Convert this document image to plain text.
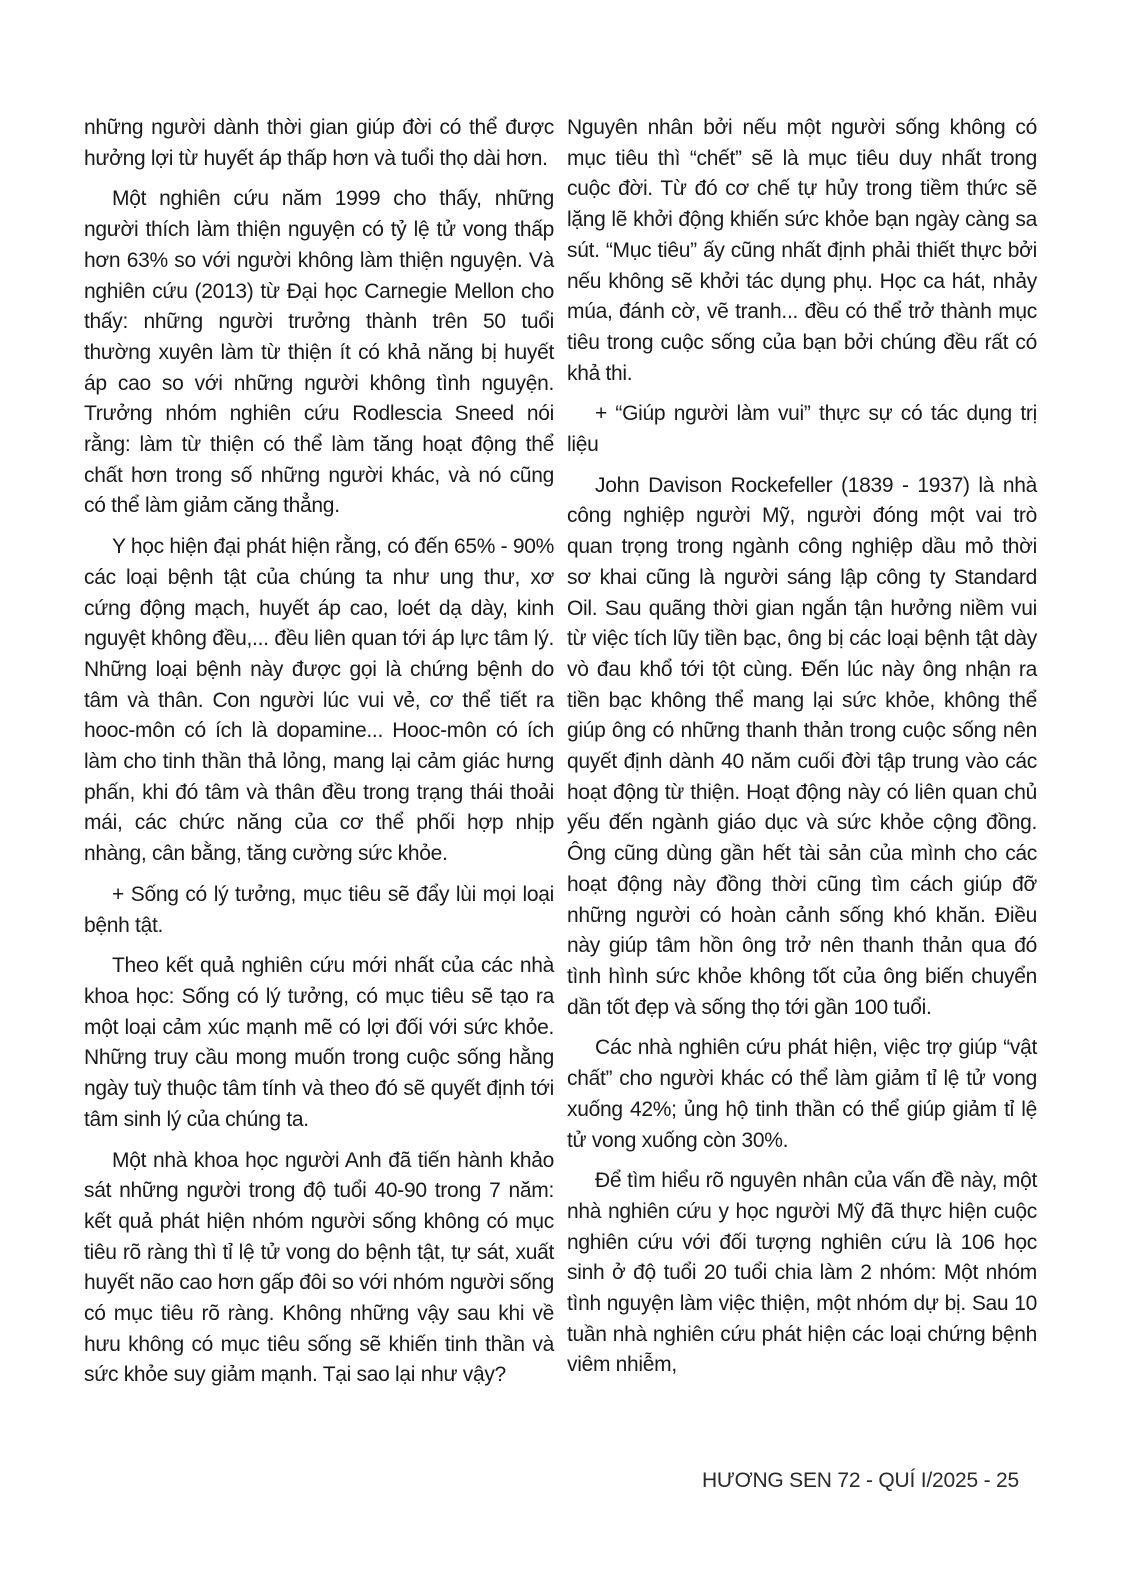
những người dành thời gian giúp đời có thể được hưởng lợi từ huyết áp thấp hơn và tuổi thọ dài hơn.

Một nghiên cứu năm 1999 cho thấy, những người thích làm thiện nguyện có tỷ lệ tử vong thấp hơn 63% so với người không làm thiện nguyện. Và nghiên cứu (2013) từ Đại học Carnegie Mellon cho thấy: những người trưởng thành trên 50 tuổi thường xuyên làm từ thiện ít có khả năng bị huyết áp cao so với những người không tình nguyện. Trưởng nhóm nghiên cứu Rodlescia Sneed nói rằng: làm từ thiện có thể làm tăng hoạt động thể chất hơn trong số những người khác, và nó cũng có thể làm giảm căng thẳng.

Y học hiện đại phát hiện rằng, có đến 65% - 90% các loại bệnh tật của chúng ta như ung thư, xơ cứng động mạch, huyết áp cao, loét dạ dày, kinh nguyệt không đều,... đều liên quan tới áp lực tâm lý. Những loại bệnh này được gọi là chứng bệnh do tâm và thân. Con người lúc vui vẻ, cơ thể tiết ra hooc-môn có ích là dopamine... Hooc-môn có ích làm cho tinh thần thả lỏng, mang lại cảm giác hưng phấn, khi đó tâm và thân đều trong trạng thái thoải mái, các chức năng của cơ thể phối hợp nhịp nhàng, cân bằng, tăng cường sức khỏe.

+ Sống có lý tưởng, mục tiêu sẽ đẩy lùi mọi loại bệnh tật.

Theo kết quả nghiên cứu mới nhất của các nhà khoa học: Sống có lý tưởng, có mục tiêu sẽ tạo ra một loại cảm xúc mạnh mẽ có lợi đối với sức khỏe. Những truy cầu mong muốn trong cuộc sống hằng ngày tuỳ thuộc tâm tính và theo đó sẽ quyết định tới tâm sinh lý của chúng ta.

Một nhà khoa học người Anh đã tiến hành khảo sát những người trong độ tuổi 40-90 trong 7 năm: kết quả phát hiện nhóm người sống không có mục tiêu rõ ràng thì tỉ lệ tử vong do bệnh tật, tự sát, xuất huyết não cao hơn gấp đôi so với nhóm người sống có mục tiêu rõ ràng. Không những vậy sau khi về hưu không có mục tiêu sống sẽ khiến tinh thần và sức khỏe suy giảm mạnh. Tại sao lại như vậy?

Nguyên nhân bởi nếu một người sống không có mục tiêu thì “chết” sẽ là mục tiêu duy nhất trong cuộc đời. Từ đó cơ chế tự hủy trong tiềm thức sẽ lặng lẽ khởi động khiến sức khỏe bạn ngày càng sa sút. “Mục tiêu” ấy cũng nhất định phải thiết thực bởi nếu không sẽ khởi tác dụng phụ. Học ca hát, nhảy múa, đánh cờ, vẽ tranh... đều có thể trở thành mục tiêu trong cuộc sống của bạn bởi chúng đều rất có khả thi.

+ “Giúp người làm vui” thực sự có tác dụng trị liệu

John Davison Rockefeller (1839 - 1937) là nhà công nghiệp người Mỹ, người đóng một vai trò quan trọng trong ngành công nghiệp dầu mỏ thời sơ khai cũng là người sáng lập công ty Standard Oil. Sau quãng thời gian ngắn tận hưởng niềm vui từ việc tích lũy tiền bạc, ông bị các loại bệnh tật dày vò đau khổ tới tột cùng. Đến lúc này ông nhận ra tiền bạc không thể mang lại sức khỏe, không thể giúp ông có những thanh thản trong cuộc sống nên quyết định dành 40 năm cuối đời tập trung vào các hoạt động từ thiện. Hoạt động này có liên quan chủ yếu đến ngành giáo dục và sức khỏe cộng đồng. Ông cũng dùng gần hết tài sản của mình cho các hoạt động này đồng thời cũng tìm cách giúp đỡ những người có hoàn cảnh sống khó khăn. Điều này giúp tâm hồn ông trở nên thanh thản qua đó tình hình sức khỏe không tốt của ông biến chuyển dần tốt đẹp và sống thọ tới gần 100 tuổi.

Các nhà nghiên cứu phát hiện, việc trợ giúp “vật chất” cho người khác có thể làm giảm tỉ lệ tử vong xuống 42%; ủng hộ tinh thần có thể giúp giảm tỉ lệ tử vong xuống còn 30%.

Để tìm hiểu rõ nguyên nhân của vấn đề này, một nhà nghiên cứu y học người Mỹ đã thực hiện cuộc nghiên cứu với đối tượng nghiên cứu là 106 học sinh ở độ tuổi 20 tuổi chia làm 2 nhóm: Một nhóm tình nguyện làm việc thiện, một nhóm dự bị. Sau 10 tuần nhà nghiên cứu phát hiện các loại chứng bệnh viêm nhiễm,

HƯƠNG SEN 72 - QUÍ I/2025 - 25
